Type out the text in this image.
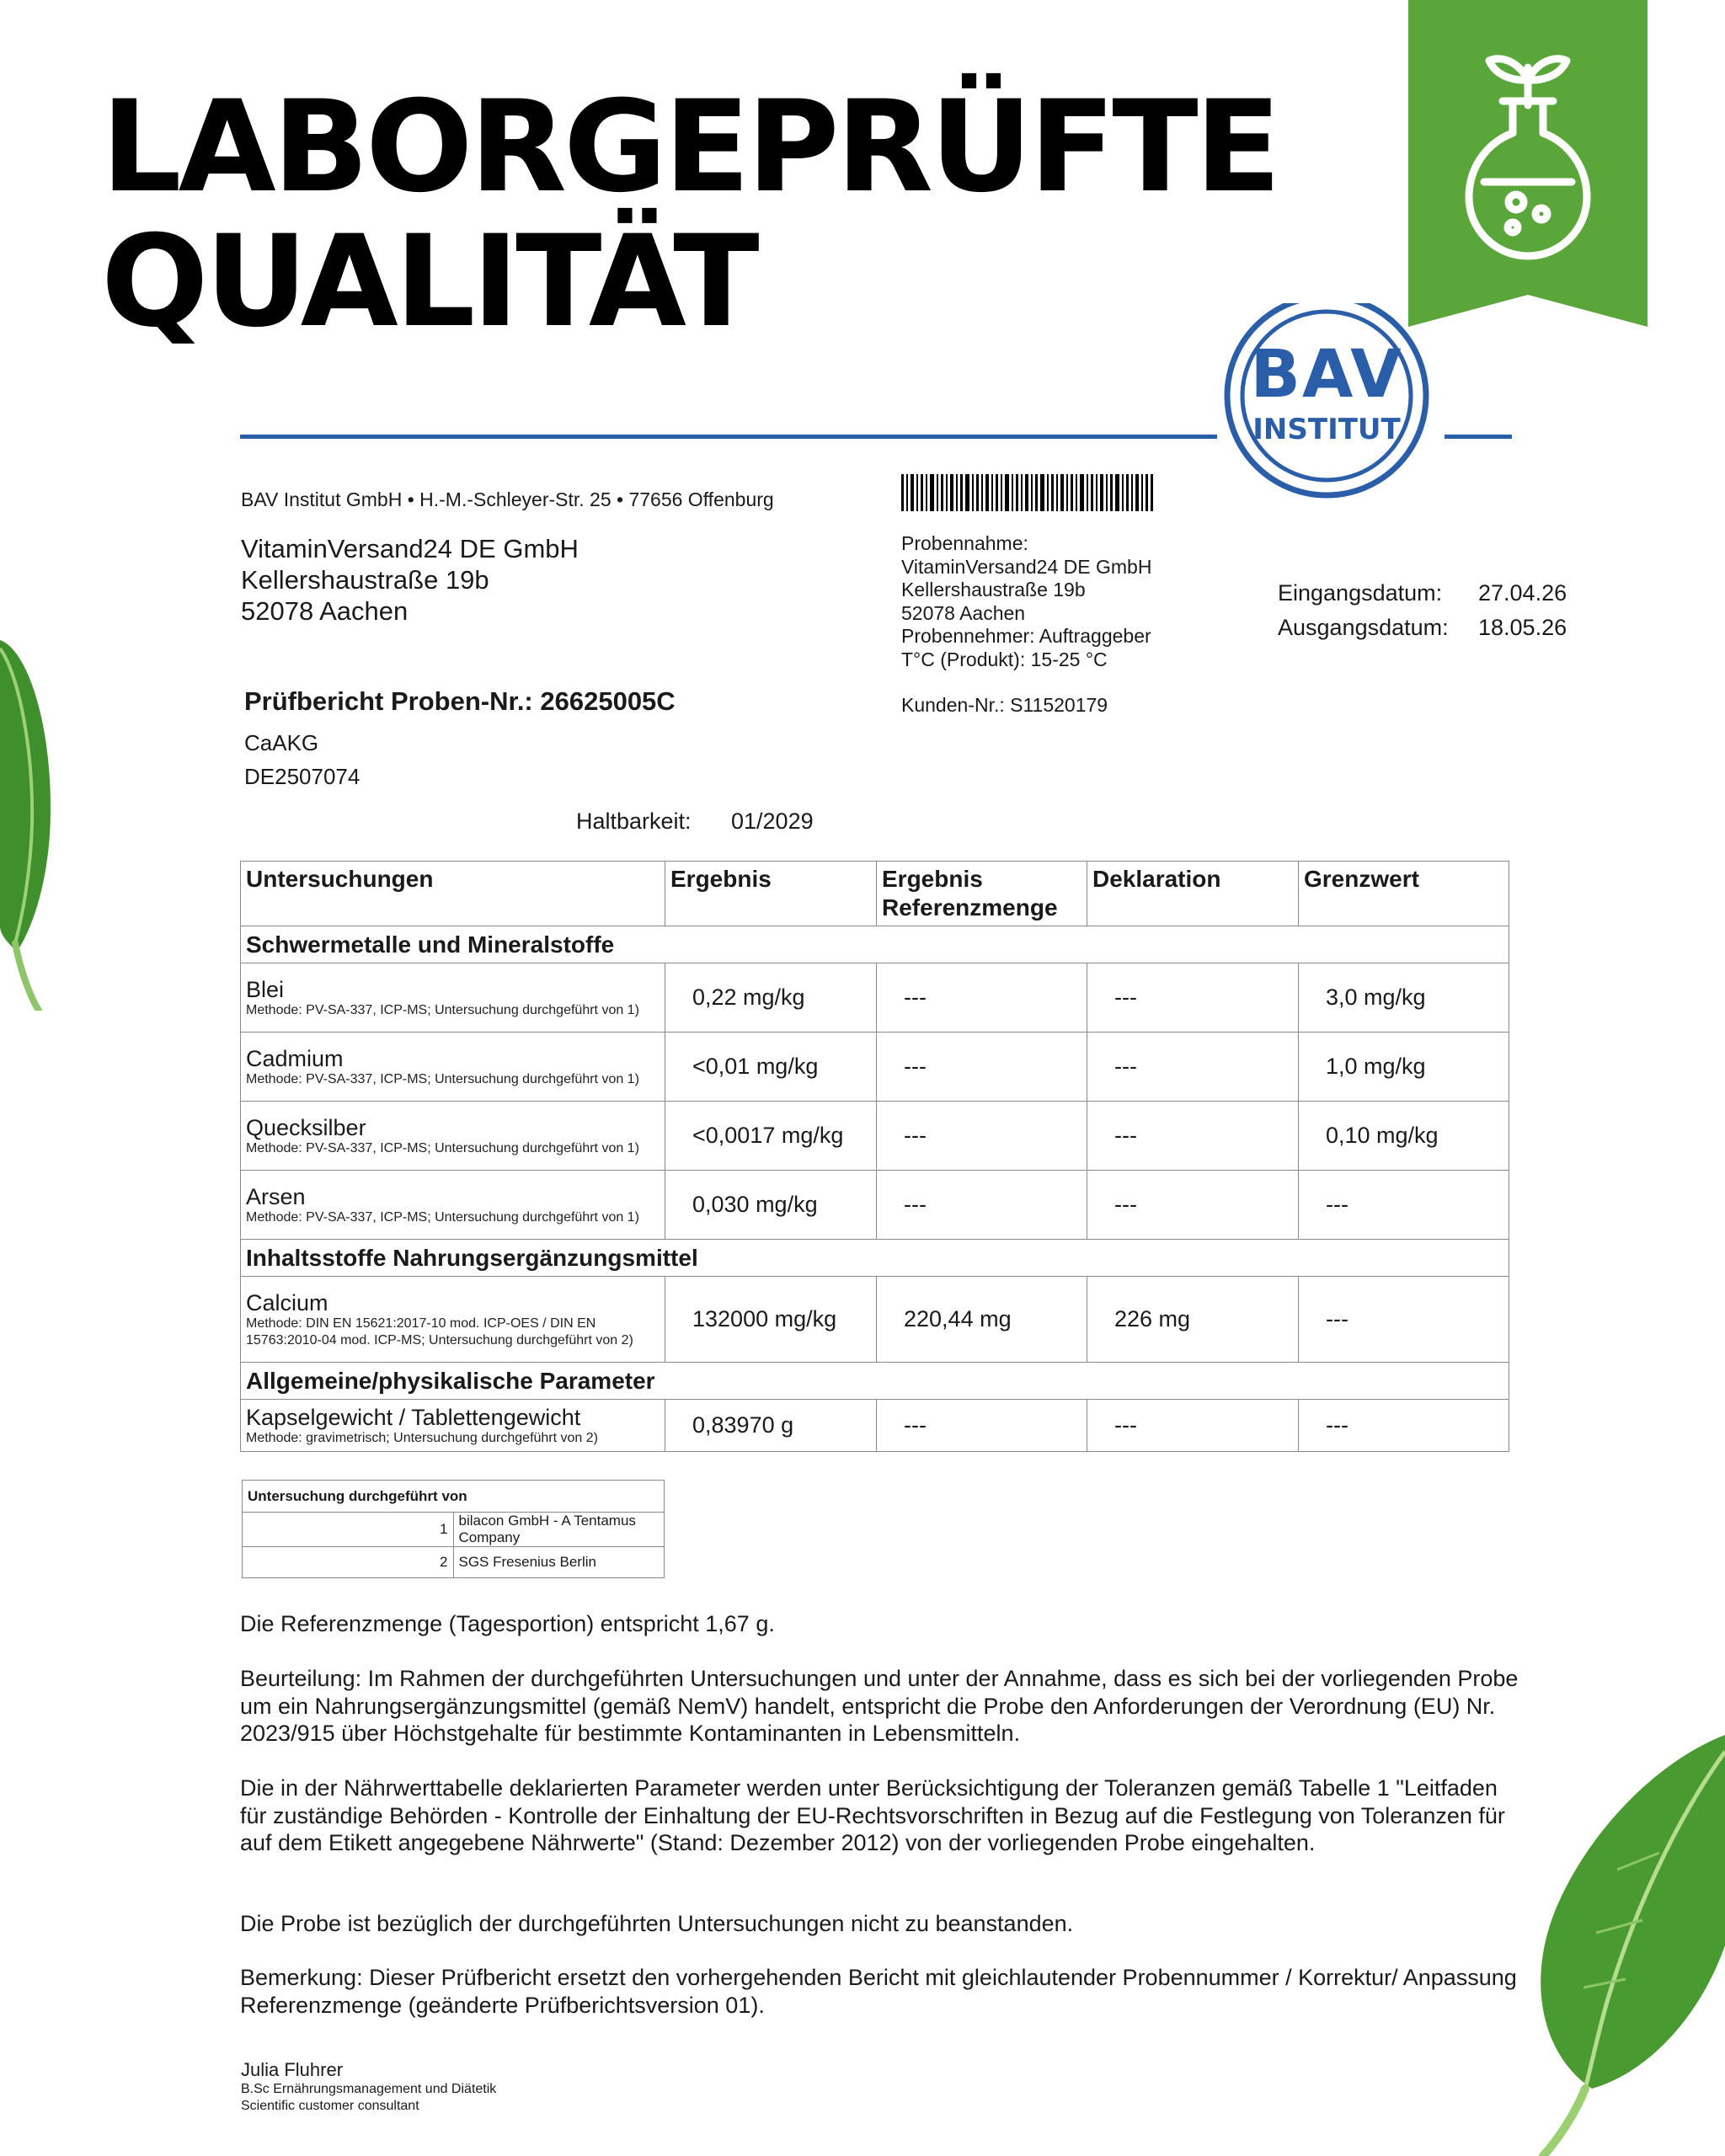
LABORGEPRÜFTE
QUALITÄT
BAV
INSTITUT
BAV Institut GmbH • H.-M.-Schleyer-Str. 25 • 77656 Offenburg
VitaminVersand24 DE GmbH
Kellershaustraße 19b
52078 Aachen
Probennahme:
VitaminVersand24 DE GmbH
Kellershaustraße 19b
52078 Aachen
Probennehmer: Auftraggeber
T°C (Produkt): 15-25 °C
Kunden-Nr.: S11520179
Eingangsdatum: 27.04.26
Ausgangsdatum: 18.05.26
Prüfbericht Proben-Nr.: 26625005C
CaAKG
DE2507074
Haltbarkeit: 01/2029
Untersuchungen	Ergebnis	Ergebnis Referenzmenge	Deklaration	Grenzwert
Schwermetalle und Mineralstoffe				

Blei
Methode: PV-SA-337, ICP-MS; Untersuchung durchgeführt von 1)	0,22 mg/kg	---	---	3,0 mg/kg

Cadmium
Methode: PV-SA-337, ICP-MS; Untersuchung durchgeführt von 1)	<0,01 mg/kg	---	---	1,0 mg/kg

Quecksilber
Methode: PV-SA-337, ICP-MS; Untersuchung durchgeführt von 1)	<0,0017 mg/kg	---	---	0,10 mg/kg

Arsen
Methode: PV-SA-337, ICP-MS; Untersuchung durchgeführt von 1)	0,030 mg/kg	---	---	---
Inhaltsstoffe Nahrungsergänzungsmittel				

Calcium
Methode: DIN EN 15621:2017-10 mod. ICP-OES / DIN EN 15763:2010-04 mod. ICP-MS; Untersuchung durchgeführt von 2)	132000 mg/kg	220,44 mg	226 mg	---
Allgemeine/physikalische Parameter				

Kapselgewicht / Tablettengewicht
Methode: gravimetrisch; Untersuchung durchgeführt von 2)	0,83970 g	---	---	---
Untersuchung durchgeführt von	
1	bilacon GmbH - A Tentamus Company
2	SGS Fresenius Berlin
Die Referenzmenge (Tagesportion) entspricht 1,67 g.
Beurteilung: Im Rahmen der durchgeführten Untersuchungen und unter der Annahme, dass es sich bei der vorliegenden Probe um ein Nahrungsergänzungsmittel (gemäß NemV) handelt, entspricht die Probe den Anforderungen der Verordnung (EU) Nr. 2023/915 über Höchstgehalte für bestimmte Kontaminanten in Lebensmitteln.
Die in der Nährwerttabelle deklarierten Parameter werden unter Berücksichtigung der Toleranzen gemäß Tabelle 1 "Leitfaden für zuständige Behörden - Kontrolle der Einhaltung der EU-Rechtsvorschriften in Bezug auf die Festlegung von Toleranzen für auf dem Etikett angegebene Nährwerte" (Stand: Dezember 2012) von der vorliegenden Probe eingehalten.
Die Probe ist bezüglich der durchgeführten Untersuchungen nicht zu beanstanden.
Bemerkung: Dieser Prüfbericht ersetzt den vorhergehenden Bericht mit gleichlautender Probennummer / Korrektur/ Anpassung Referenzmenge (geänderte Prüfberichtsversion 01).
Julia Fluhrer
B.Sc Ernährungsmanagement und Diätetik
Scientific customer consultant
